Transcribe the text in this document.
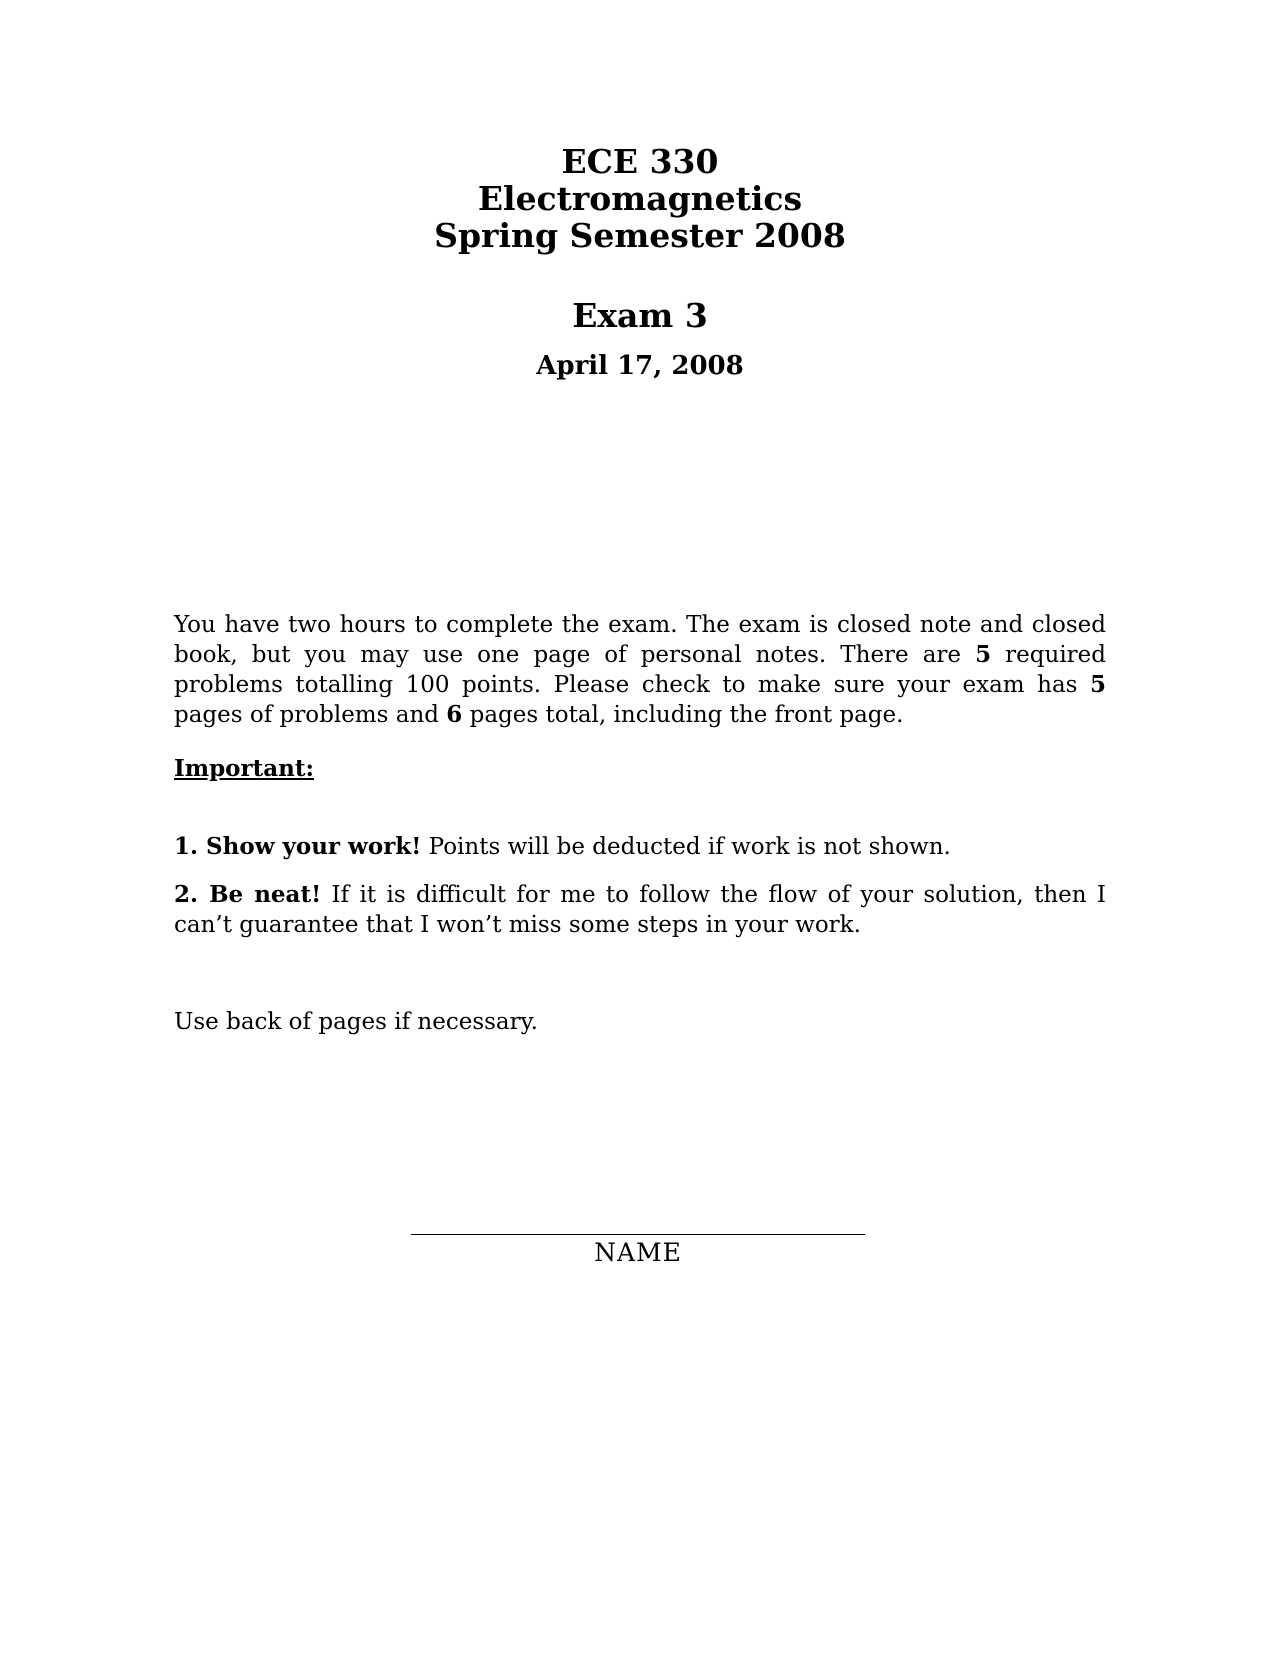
ECE 330
Electromagnetics
Spring Semester 2008
Exam 3
April 17, 2008
You have two hours to complete the exam. The exam is closed note and closed book, but you may use one page of personal notes. There are 5 required problems totalling 100 points. Please check to make sure your exam has 5 pages of problems and 6 pages total, including the front page.
Important:
1. Show your work! Points will be deducted if work is not shown.
2. Be neat! If it is difficult for me to follow the flow of your solution, then I can’t guarantee that I won’t miss some steps in your work.
Use back of pages if necessary.
NAME
